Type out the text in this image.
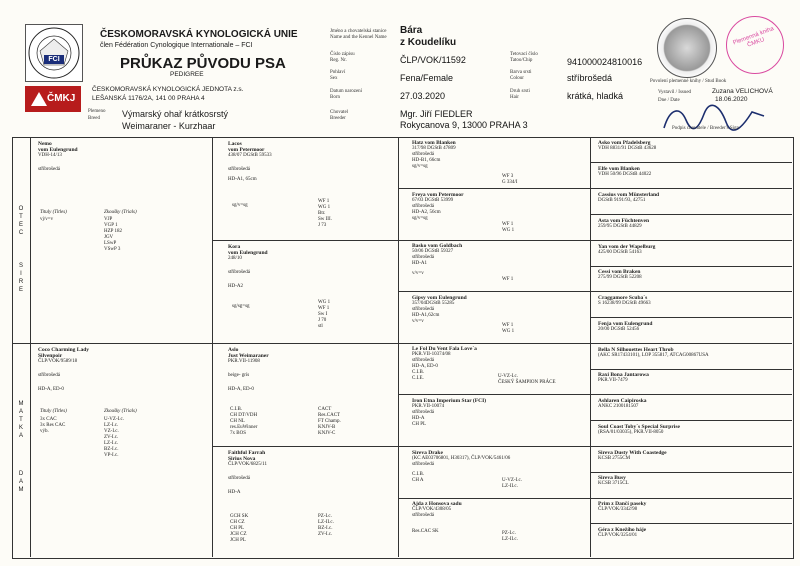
FCI
ČMKJ
ČESKOMORAVSKÁ KYNOLOGICKÁ UNIE
člen Fédération Cynologique Internationale – FCI
PRŮKAZ PŮVODU PSA
PEDIGREE
ČESKOMORAVSKÁ KYNOLOGICKÁ JEDNOTA z.s.
LEŠANSKÁ 1176/2A, 141 00 PRAHA 4
Plemeno
Breed Výmarský ohař krátkosrstý
Weimaraner - Kurzhaar
Jméno a chovatelská stanice
Name and the Kennel Name
Bára
z Koudelíku
Číslo zápisu
Reg. Nr.	ČLP/VOK/11592
Pohlaví
Sex	Fena/Female
Datum narození
Born	27.03.2020
Chovatel
Breeder	Mgr. Jiří FIEDLER
Rokycanova 9, 13000 PRAHA 3
Tetovací číslo
Tatoo/Chip	941000024810016
Barva srsti
Colour	stříbrošedá
Druh srsti
Hair	krátká, hladká
Plemenná kniha ČMKU
Povolení plemenné knihy / Stud Book
Vystavil / Issued	Zuzana VELICHOVÁ
Dne / Date	18.06.2020
Podpis chovatele / Breeder's Sign
O T E C
S I R E
M A T K A
D A M
Nemo
vom Eulengrund
VDH-14/13
stříbrošedá
Tituly (Titles)
vj/v=v
Zkoušky (Trials)
VJP
VGP 1
HZP 182
JGV
LSwP
VSwP 3
Coco Charming Lady
Silvenpoir
ČLP/VOK/9589/18
stříbrošedá
HD-A, ED-0
Tituly (Titles)
3x CAC
3x Res CAC
výb.
Zkoušky (Trials)
U-VZ-I.c.
LZ-I.c.
VZ-I.c.
ZV-I.c.
LZ-I.c.
BZ-I.c.
VP-I.c.
Lacos
vom Petermoor
438/07 DGStB 59533
stříbrošedá
HD-A1, 65cm
sg/v=sg
WF 1
WG 1
Btr.
Sw III.
J 73
Kora
vom Eulengrund
248/10
stříbrošedá
HD-A2
sg/sg=sg
WG 1
WF 1
Sw I
J 70
stl
Aslo
Just Weimaraner
PKR.VII-11908
beige- grís
HD-A, ED-0
C.I.B.
CH DT/VDH
CH NL
res.EuWinner
7x BOS
CACT
Res.CACT
FT Champ.
KNJV-B
KNJV-C
Faithful Farrah
Sirius Nova
ČLP/VOK/6825/11
stříbrošedá
HD-A
GCH SK
CH CZ
CH PL
JCH CZ
JCH PL
PZ-I.c.
LZ-II.c.
BZ-I.c.
ZV-I.c.
Hatz vom Blanken
317/98 DGStB 47809
stříbrošedá
HD-B1, 66cm
sg/v=sg
WF 3
G 334/I
Freya vom Petermoor
67/03 DGStB 53999
stříbrošedá
HD-A2, 56cm
sg/v=sg
WF 1
WG 1
Basko vom Goldbach
50/06 DGStB 59327
stříbrošedá
HD-A1
v/v=v
WF 1
Gipsy vom Eulengrund
357/04DGStB 55285
stříbrošedá
HD-A1,62cm
v/v=v
WF 1
WG 1
Le Fol Du Vent Fala Love´a
PKR.VII-10374/08
stříbrošedá
HD-A, ED-0
C.I.B.
C.I.E.	U-VZ-I.c.
ČESKÝ ŠAMPION PRÁCE
Iron Etna Imperium Star (FCI)
PKR.VII-10074
stříbrošedá
HD-A
CH PL
Sireva Drake
(KC AE03706801, H30317), ČLP/VOK/5461/06
stříbrošedá
C.I.B.
CH A	U-VZ-I.c.
LZ-II.c.
Ajda z Honsova sadu
ČLP/VOK/4308/05
stříbrošedá
Res.CAC SK	PZ-I.c.
LZ-II.c.
Asko vom Pfadelsberg
VDH 8831/91 DGStB 43628
Elfe vom Blanken
VDH 50/96 DGStB 44022
Cassius vom Münsterland
DGStB 9191/93, 42751
Asta vom Füchtenven
259/95 DGStB 44829
Yan vom der Wapelburg
425/00 DGStB 54163
Cessi vom Braken
275/99 DGStB 52208
Craggamore Scuba´s
S 16238/99 DGStB 49663
Fenja vom Eulengrund
20/00 DGStB 52456
Bella N Silhouettes Heart Throb
(AKC SR17433101), LOP 355817, ATCAG00867USA
Raxi Bona Jantarowa
PKR.VII-7479
Ashlaren Caipiroska
ANKC 2100181507
Soul Coast Toby´s Special Surprise
(RSA/01/03035), PKR.VII-8050
Sireva Dusty With Coastedge
KCSB 2755CM
Sireva Busy
KCSB 3715CL
Prim z Dančí paseky
ČLP/VOK/3342/98
Géra z Knežího háje
ČLP/VOK/3254/01
